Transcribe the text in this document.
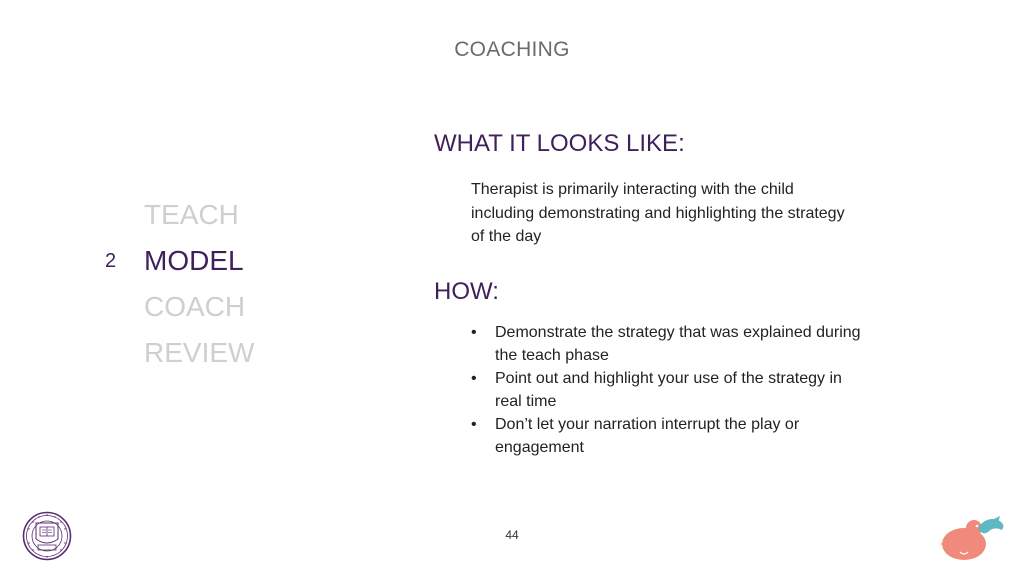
COACHING
TEACH
2 MODEL
COACH
REVIEW
WHAT IT LOOKS LIKE:
Therapist is primarily interacting with the child including demonstrating and highlighting the strategy of the day
HOW:
• Demonstrate the strategy that was explained during the teach phase
• Point out and highlight your use of the strategy in real time
• Don’t let your narration interrupt the play or engagement
44
